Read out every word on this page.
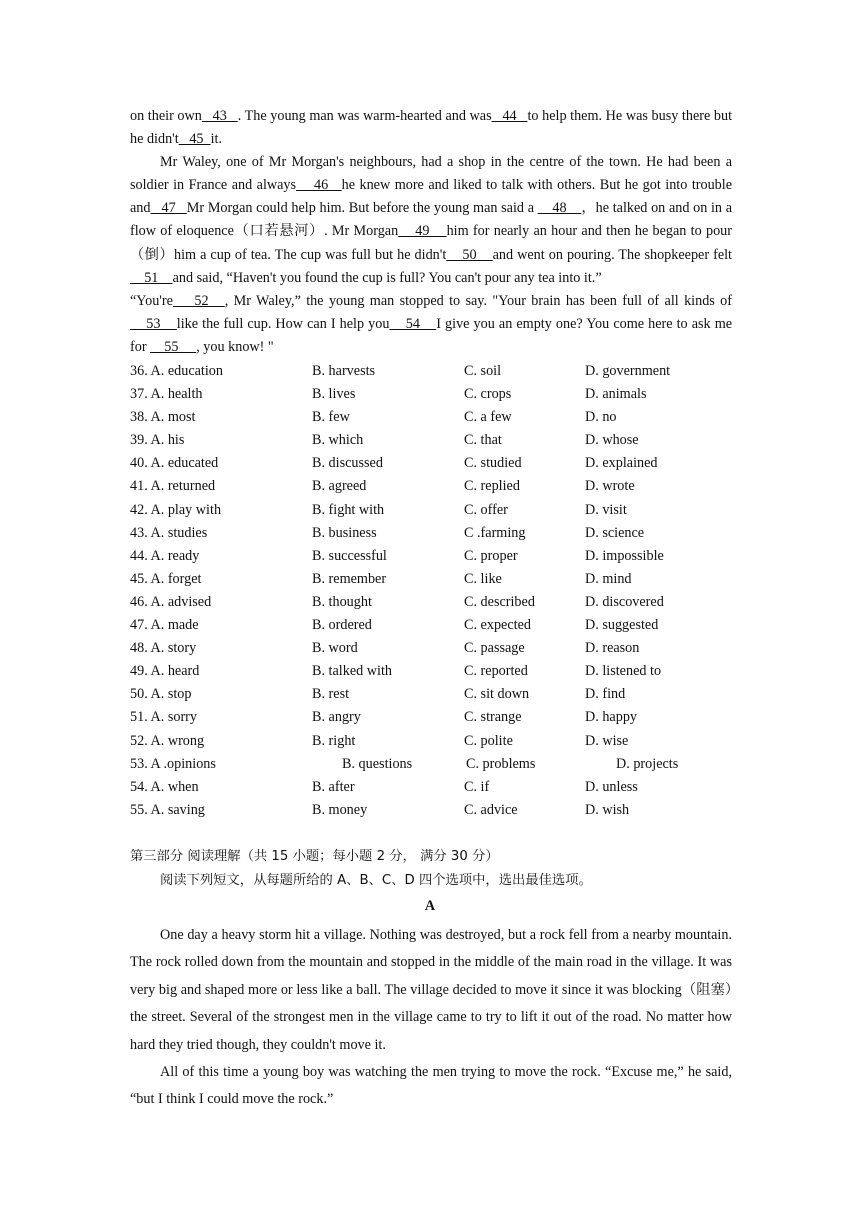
on their own   43   . The young man was warm-hearted and was   44   to help them. He was busy there but he didn't   45  it.

Mr Waley, one of Mr Morgan's neighbours, had a shop in the centre of the town. He had been a soldier in France and always    46   he knew more and liked to talk with others. But he got into trouble and   47   Mr Morgan could help him. But before the young man said a     48    ，he talked on and on in a flow of eloquence（口若悬河）. Mr Morgan    49    him for nearly an hour and then he began to pour（倒）him a cup of tea. The cup was full but he didn't    50    and went on pouring. The shopkeeper felt    51    and said, “Haven't you found the cup is full? You can't pour any tea into it.”

“You're    52   , Mr Waley,” the young man stopped to say. "Your brain has been full of all kinds of    53    like the full cup. How can I help you    54    I give you an empty one? You come here to ask me for     55     , you know! "

36. A. education	B. harvests	C. soil	D. government
37. A. health	B. lives	C. crops	D. animals
38. A. most	B. few	C. a few	D. no
39. A. his	B. which	C. that	D. whose
40. A. educated	B. discussed	C. studied	D. explained
41. A. returned	B. agreed	C. replied	D. wrote
42. A. play with	B. fight with	C. offer	D. visit
43. A. studies	B. business	C .farming	D. science
44. A. ready	B. successful	C. proper	D. impossible
45. A. forget	B. remember	C. like	D. mind
46. A. advised	B. thought	C. described	D. discovered
47. A. made	B. ordered	C. expected	D. suggested
48. A. story	B. word	C. passage	D. reason
49. A. heard	B. talked with	C. reported	D. listened to
50. A. stop	B. rest	C. sit down	D. find
51. A. sorry	B. angry	C. strange	D. happy
52. A. wrong	B. right	C. polite	D. wise
53. A .opinions	B. questions	C. problems	D. projects
54. A. when	B. after	C. if	D. unless
55. A. saving	B. money	C. advice	D. wish
第三部分 阅读理解（共 15 小题；每小题 2 分， 满分 30 分）
阅读下列短文，从每题所给的 A、B、C、D 四个选项中，选出最佳选项。
A

One day a heavy storm hit a village. Nothing was destroyed, but a rock fell from a nearby mountain. The rock rolled down from the mountain and stopped in the middle of the main road in the village. It was very big and shaped more or less like a ball. The village decided to move it since it was blocking（阻塞）the street. Several of the strongest men in the village came to try to lift it out of the road. No matter how hard they tried though, they couldn't move it.

All of this time a young boy was watching the men trying to move the rock. “Excuse me,” he said, “but I think I could move the rock.”
